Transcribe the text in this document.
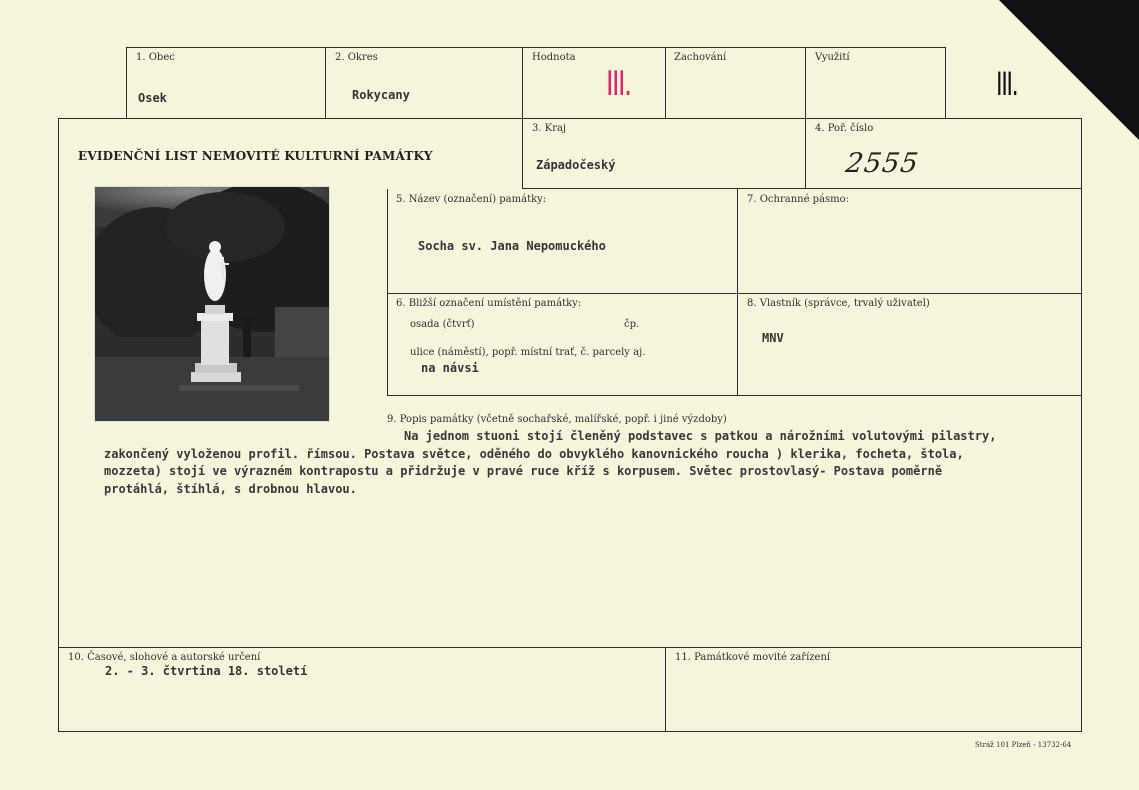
1. Obec
Osek
2. Okres
Rokycany
Hodnota
III.
Zachování	Využití
III.
EVIDENČNÍ LIST NEMOVITÉ KULTURNÍ PAMÁTKY
3. Kraj
Západočeský
4. Poř. číslo
2555
5. Název (označení) památky:
Socha sv. Jana Nepomuckého
7. Ochranné pásmo:
6. Bližší označení umístění památky:
osada (čtvrť)	čp.
ulice (náměstí), popř. místní trať, č. parcely aj.
na návsi
8. Vlastník (správce, trvalý uživatel)
MNV
9. Popis památky (včetně sochařské, malířské, popř. i jiné výzdoby)
Na jednom stuoni stojí členěný podstavec s patkou a nárožními volutovými pilastry,
zakončený vyloženou profil. římsou. Postava světce, oděného do obvyklého kanovnického roucha ) klerika, focheta, štola,
mozzeta) stojí ve výrazném kontrapostu a přidržuje v pravé ruce kříž s korpusem. Světec prostovlasý- Postava poměrně
protáhlá, štíhlá, s drobnou hlavou.
10. Časové, slohové a autorské určení
2. - 3. čtvrtina 18. století
11. Památkové movité zařízení
Stráž 101 Plzeň - 13732-64
